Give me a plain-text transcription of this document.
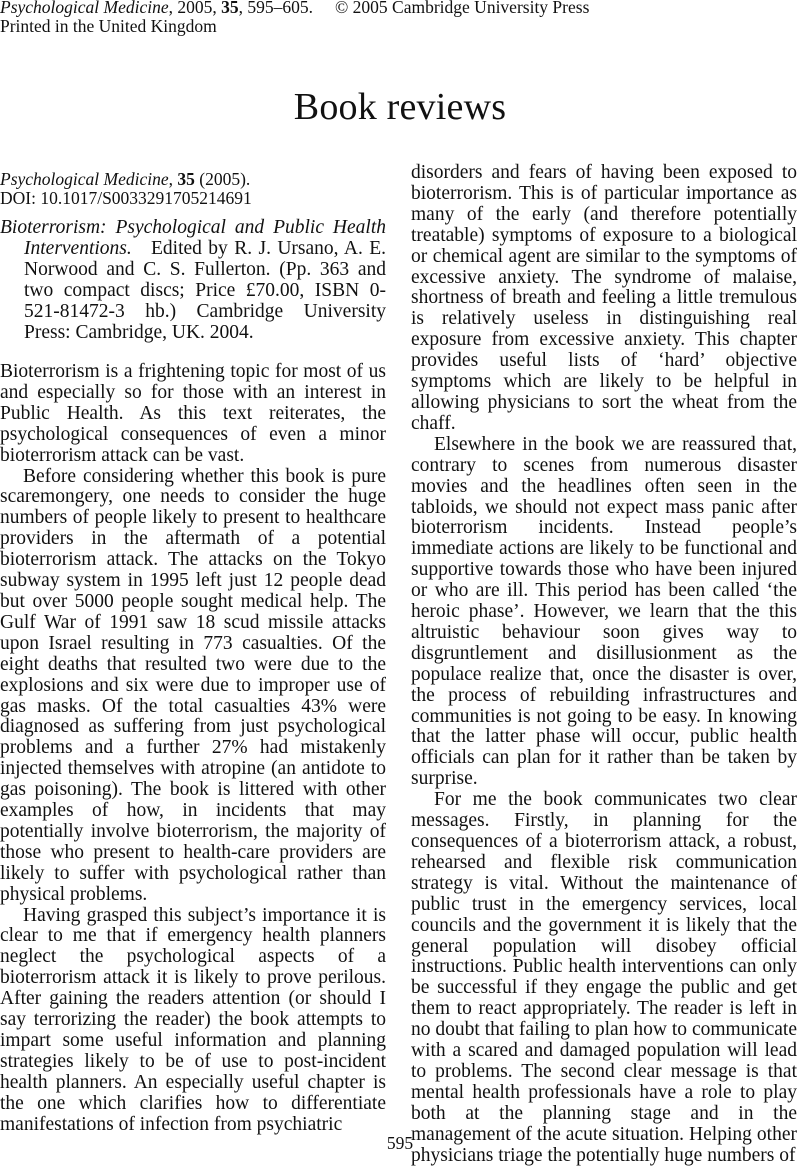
Psychological Medicine, 2005, 35, 595–605. © 2005 Cambridge University Press
Printed in the United Kingdom
Book reviews
Psychological Medicine, 35 (2005).
DOI: 10.1017/S0033291705214691
Bioterrorism: Psychological and Public Health Interventions. Edited by R. J. Ursano, A. E. Norwood and C. S. Fullerton. (Pp. 363 and two compact discs; Price £70.00, ISBN 0-521-81472-3 hb.) Cambridge University Press: Cambridge, UK. 2004.

Bioterrorism is a frightening topic for most of us and especially so for those with an interest in Public Health. As this text reiterates, the psychological consequences of even a minor bioterrorism attack can be vast.

Before considering whether this book is pure scaremongery, one needs to consider the huge numbers of people likely to present to healthcare providers in the aftermath of a potential bioterrorism attack. The attacks on the Tokyo subway system in 1995 left just 12 people dead but over 5000 people sought medical help. The Gulf War of 1991 saw 18 scud missile attacks upon Israel resulting in 773 casualties. Of the eight deaths that resulted two were due to the explosions and six were due to improper use of gas masks. Of the total casualties 43% were diagnosed as suffering from just psychological problems and a further 27% had mistakenly injected themselves with atropine (an antidote to gas poisoning). The book is littered with other examples of how, in incidents that may potentially involve bioterrorism, the majority of those who present to health-care providers are likely to suffer with psychological rather than physical problems.

Having grasped this subject’s importance it is clear to me that if emergency health planners neglect the psychological aspects of a bioterrorism attack it is likely to prove perilous. After gaining the readers attention (or should I say terrorizing the reader) the book attempts to impart some useful information and planning strategies likely to be of use to post-incident health planners. An especially useful chapter is the one which clarifies how to differentiate manifestations of infection from psychiatric

disorders and fears of having been exposed to bioterrorism. This is of particular importance as many of the early (and therefore potentially treatable) symptoms of exposure to a biological or chemical agent are similar to the symptoms of excessive anxiety. The syndrome of malaise, shortness of breath and feeling a little tremulous is relatively useless in distinguishing real exposure from excessive anxiety. This chapter provides useful lists of ‘hard’ objective symptoms which are likely to be helpful in allowing physicians to sort the wheat from the chaff.

Elsewhere in the book we are reassured that, contrary to scenes from numerous disaster movies and the headlines often seen in the tabloids, we should not expect mass panic after bioterrorism incidents. Instead people’s immediate actions are likely to be functional and supportive towards those who have been injured or who are ill. This period has been called ‘the heroic phase’. However, we learn that the this altruistic behaviour soon gives way to disgruntlement and disillusionment as the populace realize that, once the disaster is over, the process of rebuilding infrastructures and communities is not going to be easy. In knowing that the latter phase will occur, public health officials can plan for it rather than be taken by surprise.

For me the book communicates two clear messages. Firstly, in planning for the consequences of a bioterrorism attack, a robust, rehearsed and flexible risk communication strategy is vital. Without the maintenance of public trust in the emergency services, local councils and the government it is likely that the general population will disobey official instructions. Public health interventions can only be successful if they engage the public and get them to react appropriately. The reader is left in no doubt that failing to plan how to communicate with a scared and damaged population will lead to problems. The second clear message is that mental health professionals have a role to play both at the planning stage and in the management of the acute situation. Helping other physicians triage the potentially huge numbers of

595
